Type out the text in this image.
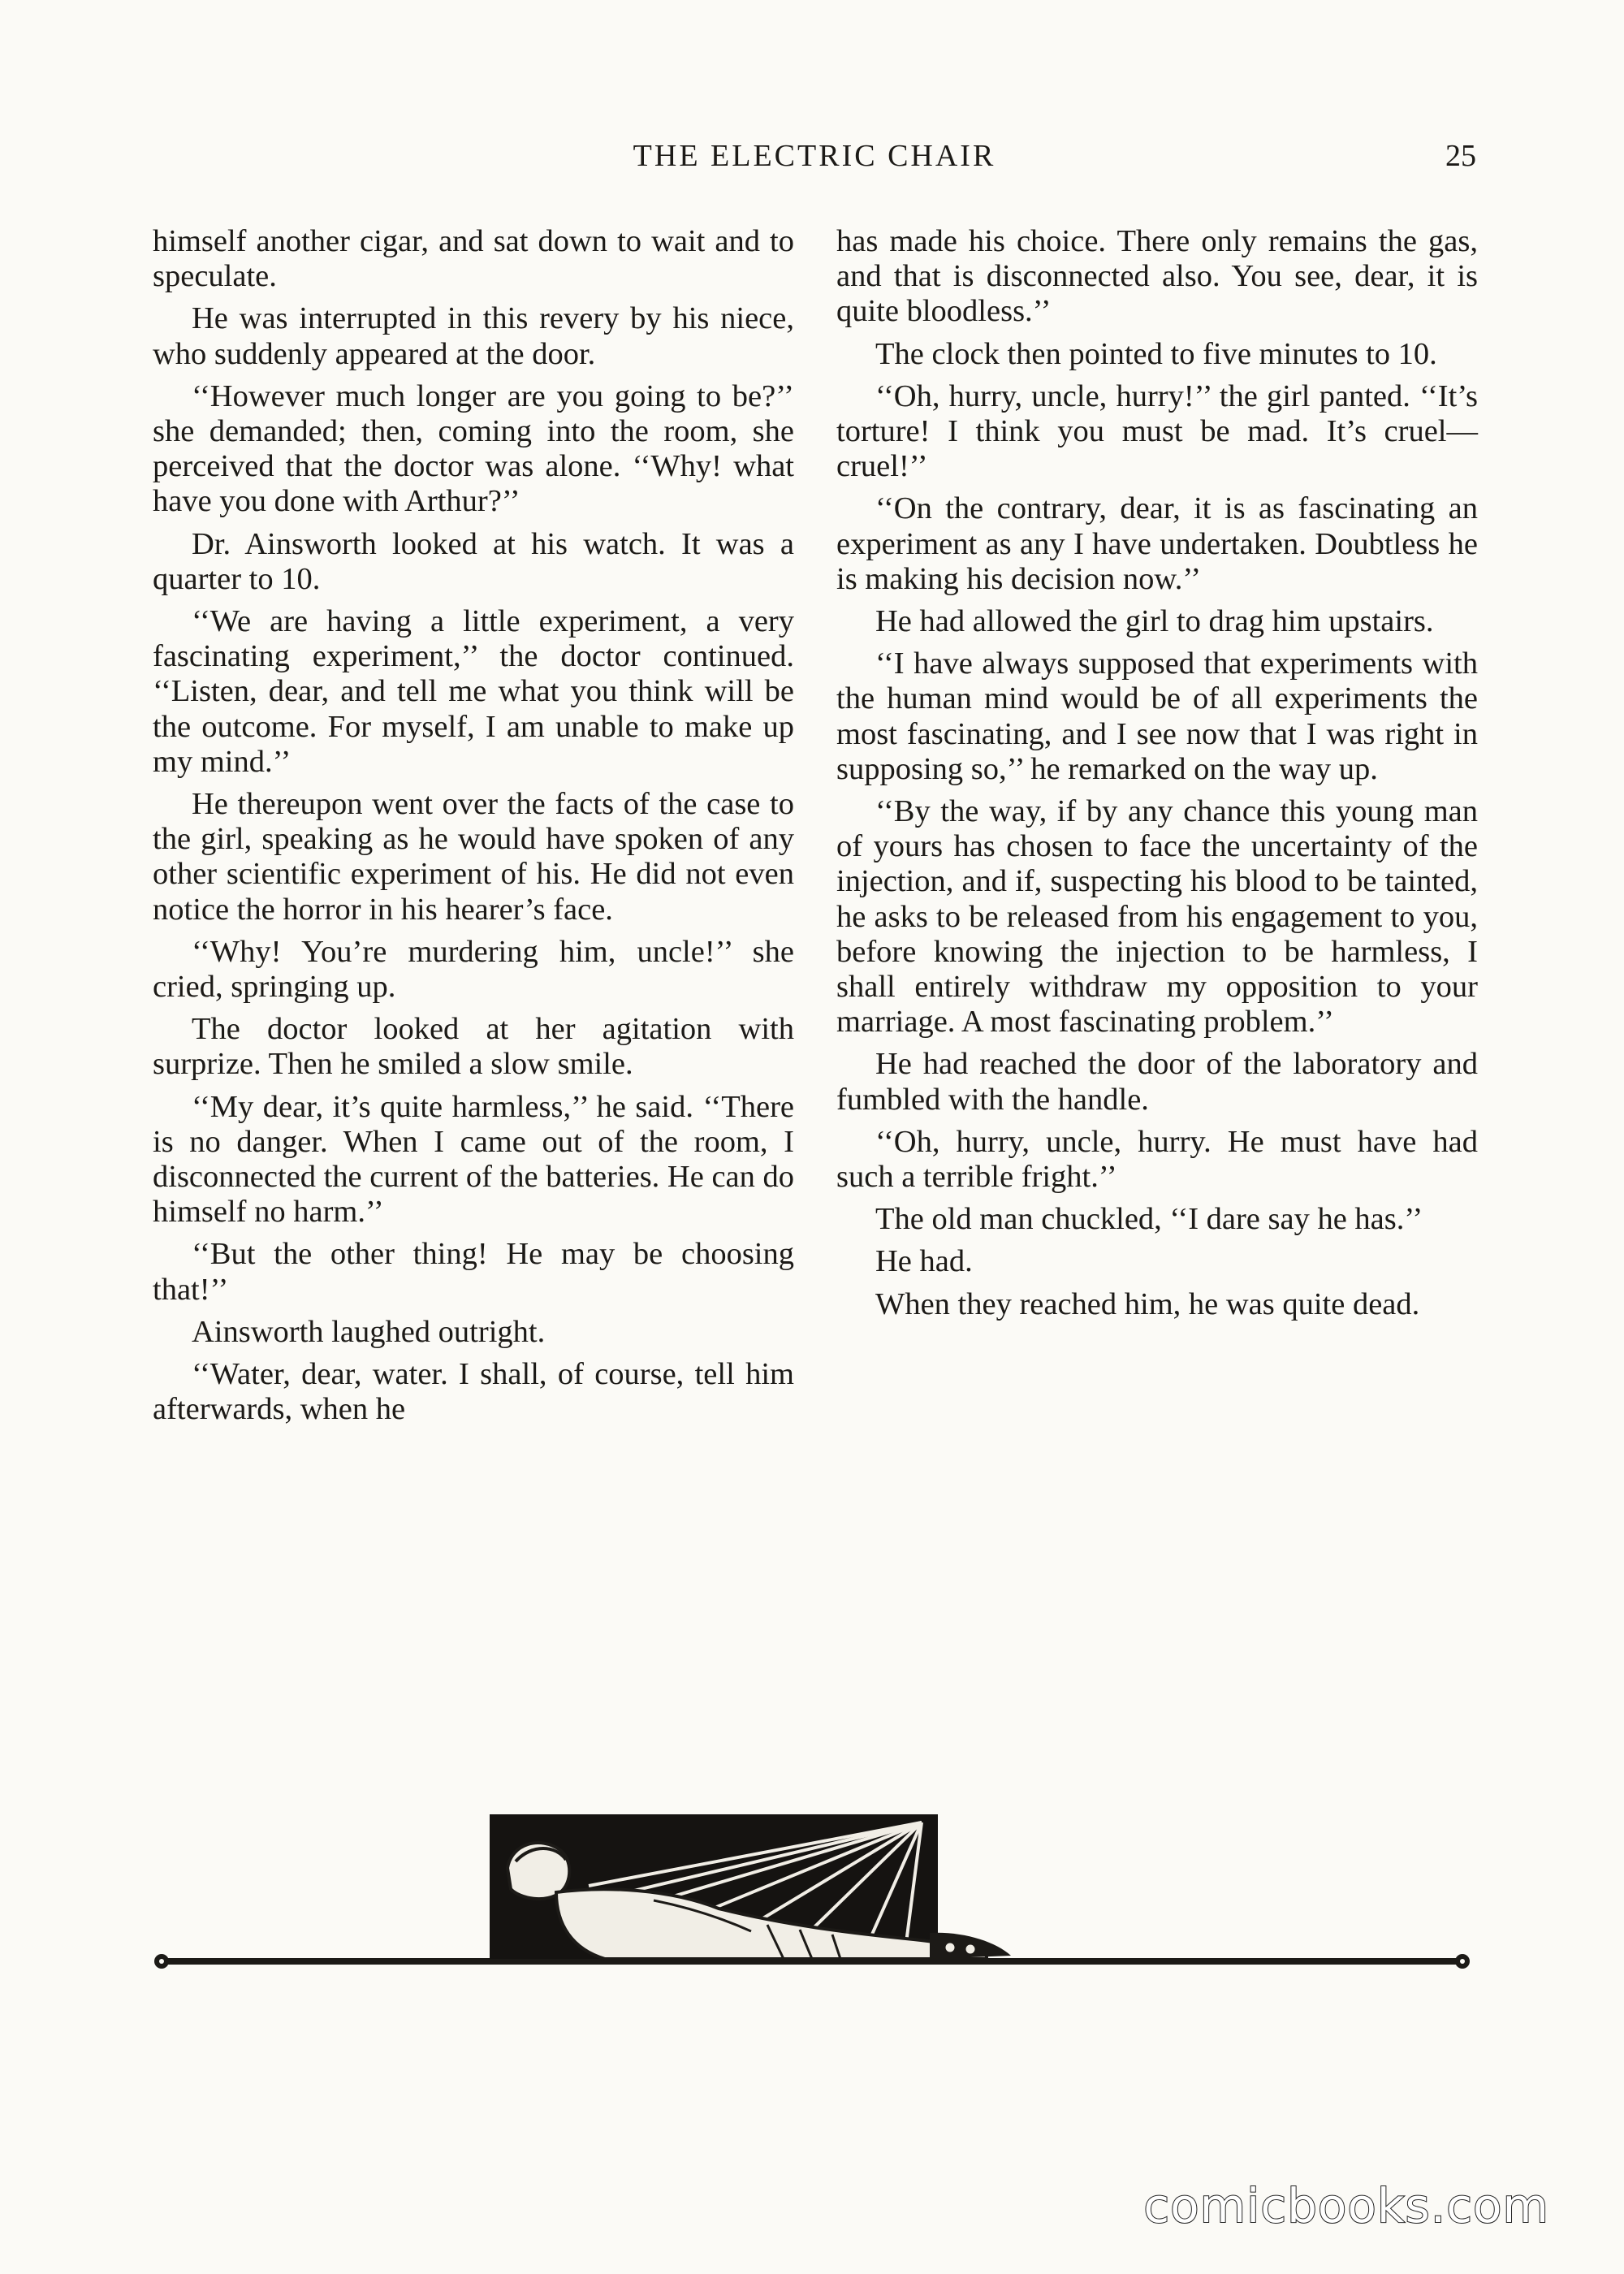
THE ELECTRIC CHAIR	25

himself another cigar, and sat down to wait and to speculate.

He was interrupted in this revery by his niece, who suddenly appeared at the door.

‘‘However much longer are you going to be?’’ she demanded; then, coming into the room, she perceived that the doctor was alone. ‘‘Why! what have you done with Arthur?’’

Dr. Ainsworth looked at his watch. It was a quarter to 10.

‘‘We are having a little experiment, a very fascinating experiment,’’ the doctor continued. ‘‘Listen, dear, and tell me what you think will be the outcome. For myself, I am unable to make up my mind.’’

He thereupon went over the facts of the case to the girl, speaking as he would have spoken of any other scientific experiment of his. He did not even notice the horror in his hearer’s face.

‘‘Why! You’re murdering him, uncle!’’ she cried, springing up.

The doctor looked at her agitation with surprize. Then he smiled a slow smile.

‘‘My dear, it’s quite harmless,’’ he said. ‘‘There is no danger. When I came out of the room, I disconnected the current of the batteries. He can do himself no harm.’’

‘‘But the other thing! He may be choosing that!’’

Ainsworth laughed outright.

‘‘Water, dear, water. I shall, of course, tell him afterwards, when he

has made his choice. There only remains the gas, and that is disconnected also. You see, dear, it is quite bloodless.’’

The clock then pointed to five minutes to 10.

‘‘Oh, hurry, uncle, hurry!’’ the girl panted. ‘‘It’s torture! I think you must be mad. It’s cruel—cruel!’’

‘‘On the contrary, dear, it is as fascinating an experiment as any I have undertaken. Doubtless he is making his decision now.’’

He had allowed the girl to drag him upstairs.

‘‘I have always supposed that experiments with the human mind would be of all experiments the most fascinating, and I see now that I was right in supposing so,’’ he remarked on the way up.

‘‘By the way, if by any chance this young man of yours has chosen to face the uncertainty of the injection, and if, suspecting his blood to be tainted, he asks to be released from his engagement to you, before knowing the injection to be harmless, I shall entirely withdraw my opposition to your marriage. A most fascinating problem.’’

He had reached the door of the laboratory and fumbled with the handle.

‘‘Oh, hurry, uncle, hurry. He must have had such a terrible fright.’’

The old man chuckled, ‘‘I dare say he has.’’

He had.

When they reached him, he was quite dead.

comicbooks.com
